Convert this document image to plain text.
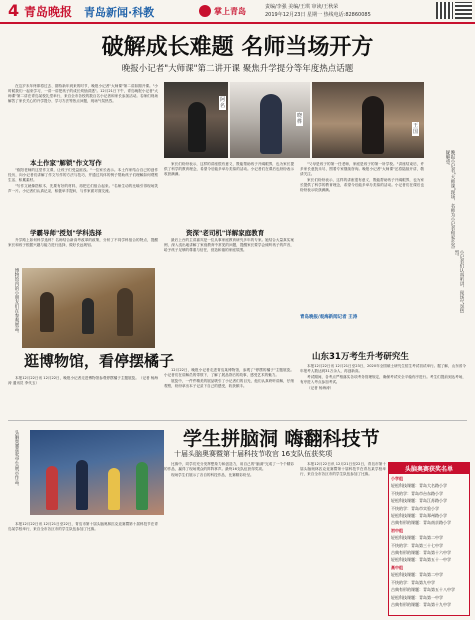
4 青岛晚报 青岛新闻·科教	掌上青岛	责编/李强 美编/王琪 审读/王秋荣
2019年12月23日 星期一 热线电话:82860085
破解成长难题 名师当场开方
晚报小记者"大师课"第二讲开课 聚焦升学提分等年度热点话题

在这岁末年终即将过去、期待新年到来的时节，晚报小记者"大师课"第二讲如期开课。"小时候我们一起来学习，一讲一讲把孩子的成长烦恼讲透"。12月21日下午，青岛晚报小记者"大师课"第二讲在青岛某校礼堂举行，来自全市各校的数百名小记者和家长参加活动。名师们现场解答了家长关心的升学提分、学习方法等热点问题，现场气氛热烈。

本土作家"解锁"作文写作

"欧阳老师的这堂作文课，让孩子们受益匪浅。"一位家长表示。本土作家结合自己的创作经历，向小记者们讲解了作文写作的方法与技巧，并通过具体的例子帮助孩子们理解如何观察生活、积累素材。

"写作文就像搭积木，先要有好的材料，再把它们组合起来。"名师生动的比喻引得现场笑声一片。小记者们认真记录，积极举手提问，与作家面对面交流。

学霸导师"授划"学科选择

升学路上如何科学选科？名师结合新高考改革的政策，分析了不同学科组合的特点，提醒家长和孩子根据兴趣与能力进行选择，做好长远规划。

阿名
晓桦
王国

家长们纷纷表示，这样的讲座很有意义，既能帮助孩子开阔眼界，也为家长提供了科学的教育理念，希望今后能多举办类似的活动。小记者们在课后也纷纷表示收获满满。

资深"老司机"详解家庭教育

最后上台的主讲嘉宾是一位从事家庭教育研究多年的专家。她结合大量真实案例，深入浅出地讲解了家庭教育中常见的问题，提醒家长要学会倾听孩子的声音，给予孩子足够的尊重与信任，营造和谐的家庭氛围。

"父母是孩子的第一任老师，家庭是孩子的第一所学校。"讲座结束后，许多家长意犹未尽，围着专家继续咨询。晚报小记者"大师课"还将陆续开讲，敬请关注。

家长们纷纷表示，这样的讲座很有意义，既能帮助孩子开阔眼界，也为家长提供了科学的教育理念，希望今后能多举办类似的活动。小记者们在课后也纷纷表示收获满满。

青岛晚报/观海新闻记者 王涛
晚报小记者"大师课"现场，名师为小记者和家长答疑解惑。
小记者们认真听讲，现场气氛热烈。
博物馆内的小朋友们在参观展品。
逛博物馆，看停摆橘子

本报12月22日讯 12月22日，晚报小记者走进博物馆参观停摆橘子主题展览。（记者 杨海涛 通讯员 李代玉）

12月22日，晚报小记者走进青岛某博物馆，参观了"停摆的橘子"主题展览。小记者们在讲解员的带领下，了解了展品背后的故事，感受艺术的魅力。

展览中，一件件精美的展品吸引了小记者们的目光，他们认真聆听讲解，仔细观察，纷纷拿出本子记录下自己的感受，收获颇丰。

山东31万考生升考研究生

本报12月22日讯 12月21日至23日，2020年全国硕士研究生招生考试初试举行。据了解，山东省今年报考人数达到31万余人，再创新高。

考试期间，各考点严格落实各项考务管理规定，确保考试安全平稳有序进行。考生们提前到达考场，有序进入考点参加考试。

（记者 杨海涛）

学生拼脑洞 嗨翻科技节
十届头脑奥赛暨第十届科技节收官 16支队伍获奖项
头脑奥赛获奖学生展示作品。

本报12月22日讯 12月21日至22日，青岛市第十届头脑奥林匹克竞赛暨第十届科技节在青岛某学校举行，来自全市各区市的学生队伍参加了比赛。

比赛中，同学们充分发挥想象力和创造力，用自己的"脑洞"完成了一个个精彩的作品，赢得了现场观众的阵阵掌声。最终16支队伍获得奖项。

现场学生们展示了各自的科技作品，比赛精彩纷呈。

本报12月22日讯 12月21日至22日，青岛市第十届头脑奥林匹克竞赛暨第十届科技节在青岛某学校举行，来自全市各区市的学生队伍参加了比赛。

头脑奥赛获奖名单
小学组
轻松科技课题：青岛大名路小学
不快的学：青岛市台东路小学
轻松科技课题：青岛江苏路小学
不快的学：青岛市实验小学
轻松科技课题：青岛郑州路小学
古典有形的课题：青岛南京路小学
初中组
轻松科技课题：青岛第二中学
不快的学：青岛第三十七中学
古典有形的课题：青岛第十六中学
轻松科技课题：青岛第五十一中学
高中组
轻松科技课题：青岛第二中学
不快的学：青岛第九中学
古典有形的课题：青岛第五十八中学
轻松科技课题：青岛第一中学
古典有形的课题：青岛第十九中学
